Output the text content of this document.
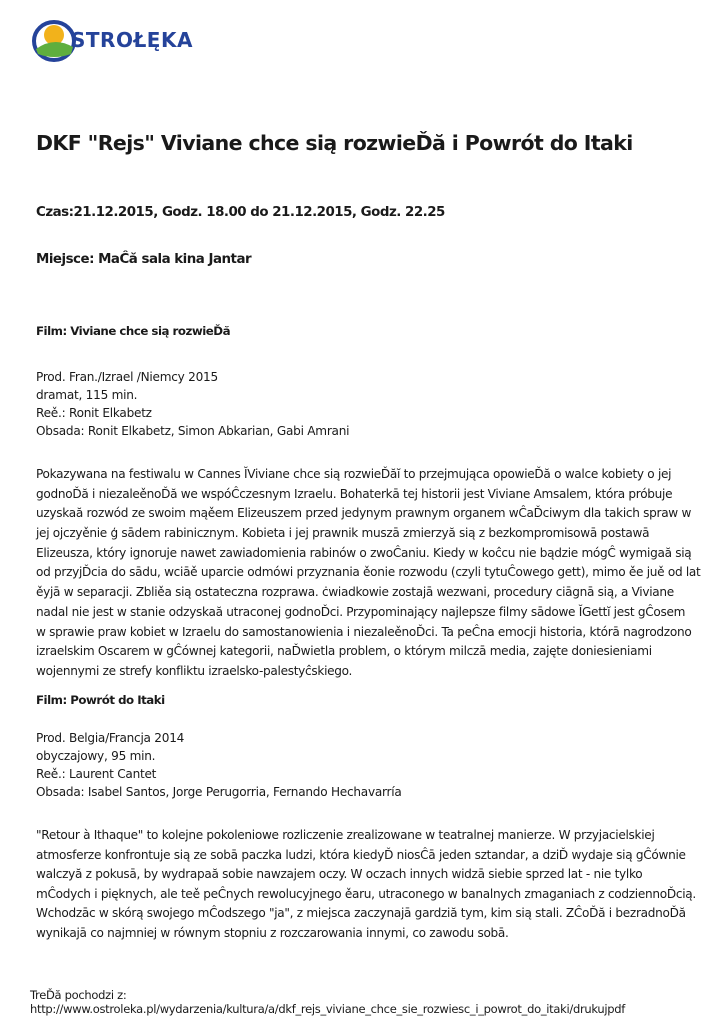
STROŁĘKA
DKF "Rejs" Viviane chce sią rozwieĎă i Powrót do Itaki

Czas:21.12.2015, Godz. 18.00 do 21.12.2015, Godz. 22.25

Miejsce: MaĈă sala kina Jantar

Film: Viviane chce sią rozwieĎă

Prod. Fran./Izrael /Niemcy 2015
dramat, 115 min.
Reě.: Ronit Elkabetz
Obsada: Ronit Elkabetz, Simon Abkarian, Gabi Amrani
Pokazywana na festiwalu w Cannes ĬViviane chce sią rozwieĎăĭ to przejmująca opowieĎă o walce kobiety o jej
godnoĎă i niezaleěnoĎă we wspóĈczesnym Izraelu. Bohaterkā tej historii jest Viviane Amsalem, która próbuje
uzyskaă rozwód ze swoim mąěem Elizeuszem przed jedynym prawnym organem wĈaĎciwym dla takich spraw w
jej ojczyěnie ģ sādem rabinicznym. Kobieta i jej prawnik muszā zmierzyă sią z bezkompromisowā postawā
Elizeusza, który ignoruje nawet zawiadomienia rabinów o zwoĈaniu. Kiedy w koĉcu nie bądzie mógĈ wymigaă sią
od przyjĎcia do sādu, wciāě uparcie odmówi przyznania ěonie rozwodu (czyli tytuĈowego gett), mimo ěe juě od lat
ěyjā w separacji. Zbliěa sią ostateczna rozprawa. ċwiadkowie zostajā wezwani, procedury ciāgnā sią, a Viviane
nadal nie jest w stanie odzyskaă utraconej godnoĎci. Przypominający najlepsze filmy sādowe ĬGettĭ jest gĈosem
w sprawie praw kobiet w Izraelu do samostanowienia i niezaleěnoĎci. Ta peĈna emocji historia, którā nagrodzono
izraelskim Oscarem w gĈównej kategorii, naĎwietla problem, o którym milczā media, zajęte doniesieniami
wojennymi ze strefy konfliktu izraelsko-palestyĉskiego.

Film: Powrót do Itaki

Prod. Belgia/Francja 2014
obyczajowy, 95 min.
Reě.: Laurent Cantet
Obsada: Isabel Santos, Jorge Perugorria, Fernando Hechavarría
"Retour à Ithaque" to kolejne pokoleniowe rozliczenie zrealizowane w teatralnej manierze. W przyjacielskiej
atmosferze konfrontuje sią ze sobā paczka ludzi, która kiedyĎ niosĈā jeden sztandar, a dziĎ wydaje sią gĈównie
walczyă z pokusā, by wydrapaă sobie nawzajem oczy. W oczach innych widzā siebie sprzed lat - nie tylko
mĈodych i pięknych, ale teě peĈnych rewolucyjnego ěaru, utraconego w banalnych zmaganiach z codziennoĎcią.
Wchodzāc w skórą swojego mĈodszego "ja", z miejsca zaczynajā gardziă tym, kim sią stali. ZĈoĎă i bezradnoĎă
wynikajā co najmniej w równym stopniu z rozczarowania innymi, co zawodu sobā.
TreĎă pochodzi z:
http://www.ostroleka.pl/wydarzenia/kultura/a/dkf_rejs_viviane_chce_sie_rozwiesc_i_powrot_do_itaki/drukujpdf
